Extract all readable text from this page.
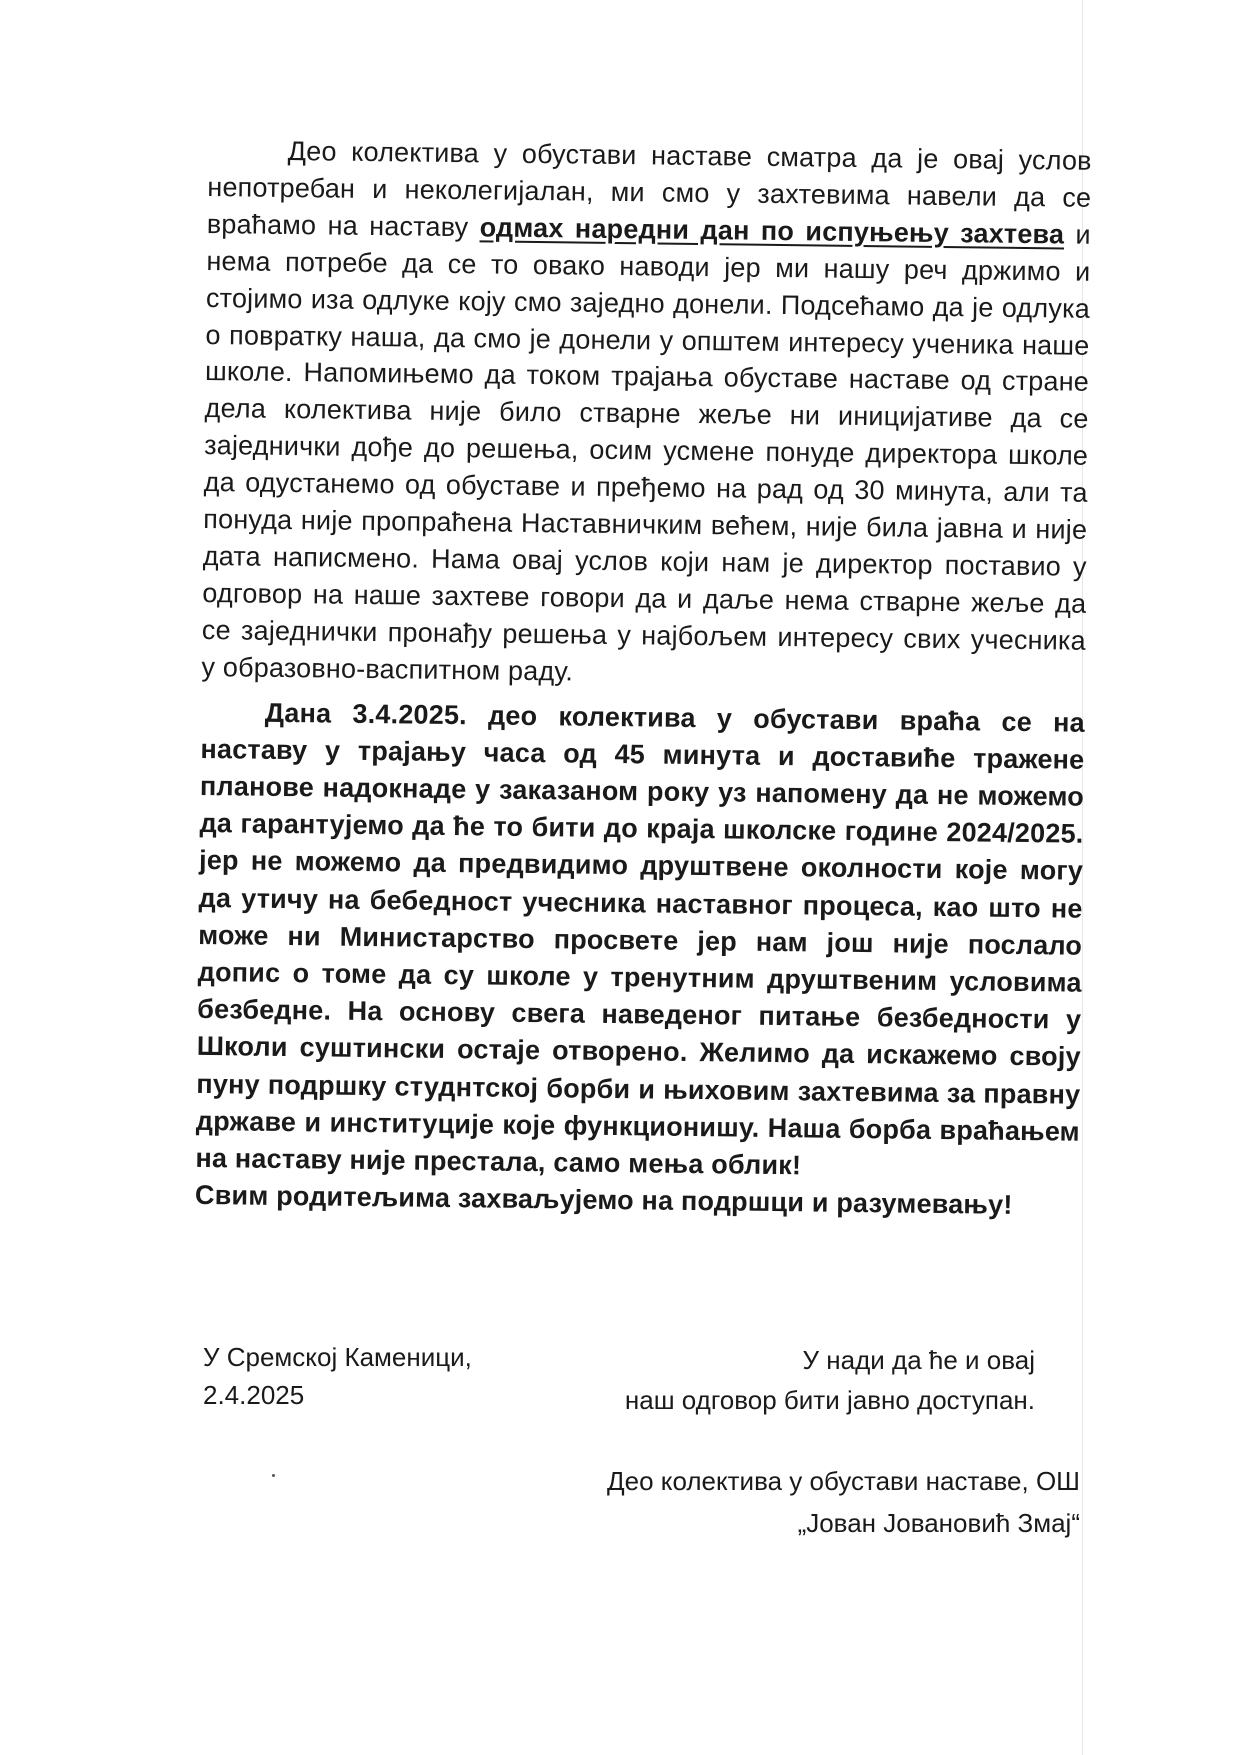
Део колектива у обустави наставе сматра да је овај услов непотребан и неколегијалан, ми смо у захтевима навели да се враћамо на наставу одмах наредни дан по испуњењу захтева и нема потребе да се то овако наводи јер ми нашу реч држимо и стојимо иза одлуке коју смо заједно донели. Подсећамо да је одлука о повратку наша, да смо је донели у општем интересу ученика наше школе. Напомињемо да током трајања обуставе наставе од стране дела колектива није било стварне жеље ни иницијативе да се заједнички дође до решења, осим усмене понуде директора школе да одустанемо од обуставе и пређемо на рад од 30 минута, али та понуда није пропраћена Наставничким већем, није била јавна и није дата написмено. Нама овај услов који нам је директор поставио у одговор на наше захтеве говори да и даље нема стварне жеље да се заједнички пронађу решења у најбољем интересу свих учесника у образовно-васпитном раду.

Дана 3.4.2025. део колектива у обустави враћа се на наставу у трајању часа од 45 минута и доставиће тражене планове надокнаде у заказаном року уз напомену да не можемо да гарантујемо да ће то бити до краја школске године 2024/2025. јер не можемо да предвидимо друштвене околности које могу да утичу на бебедност учесника наставног процеса, као што не може ни Министарство просвете јер нам још није послало допис о томе да су школе у тренутним друштвеним условима безбедне. На основу свега наведеног питање безбедности у Школи суштински остаје отворено. Желимо да искажемо своју пуну подршку студнтској борби и њиховим захтевима за правну државе и институције које функционишу. Наша борба враћањем на наставу није престала, само мења облик!
Свим родитељима захваљујемо на подршци и разумевању!

У Сремској Каменици,
2.4.2025
У нади да ће и овај
наш одговор бити јавно доступан.
Део колектива у обустави наставе, ОШ
„Јован Јовановић Змај“
